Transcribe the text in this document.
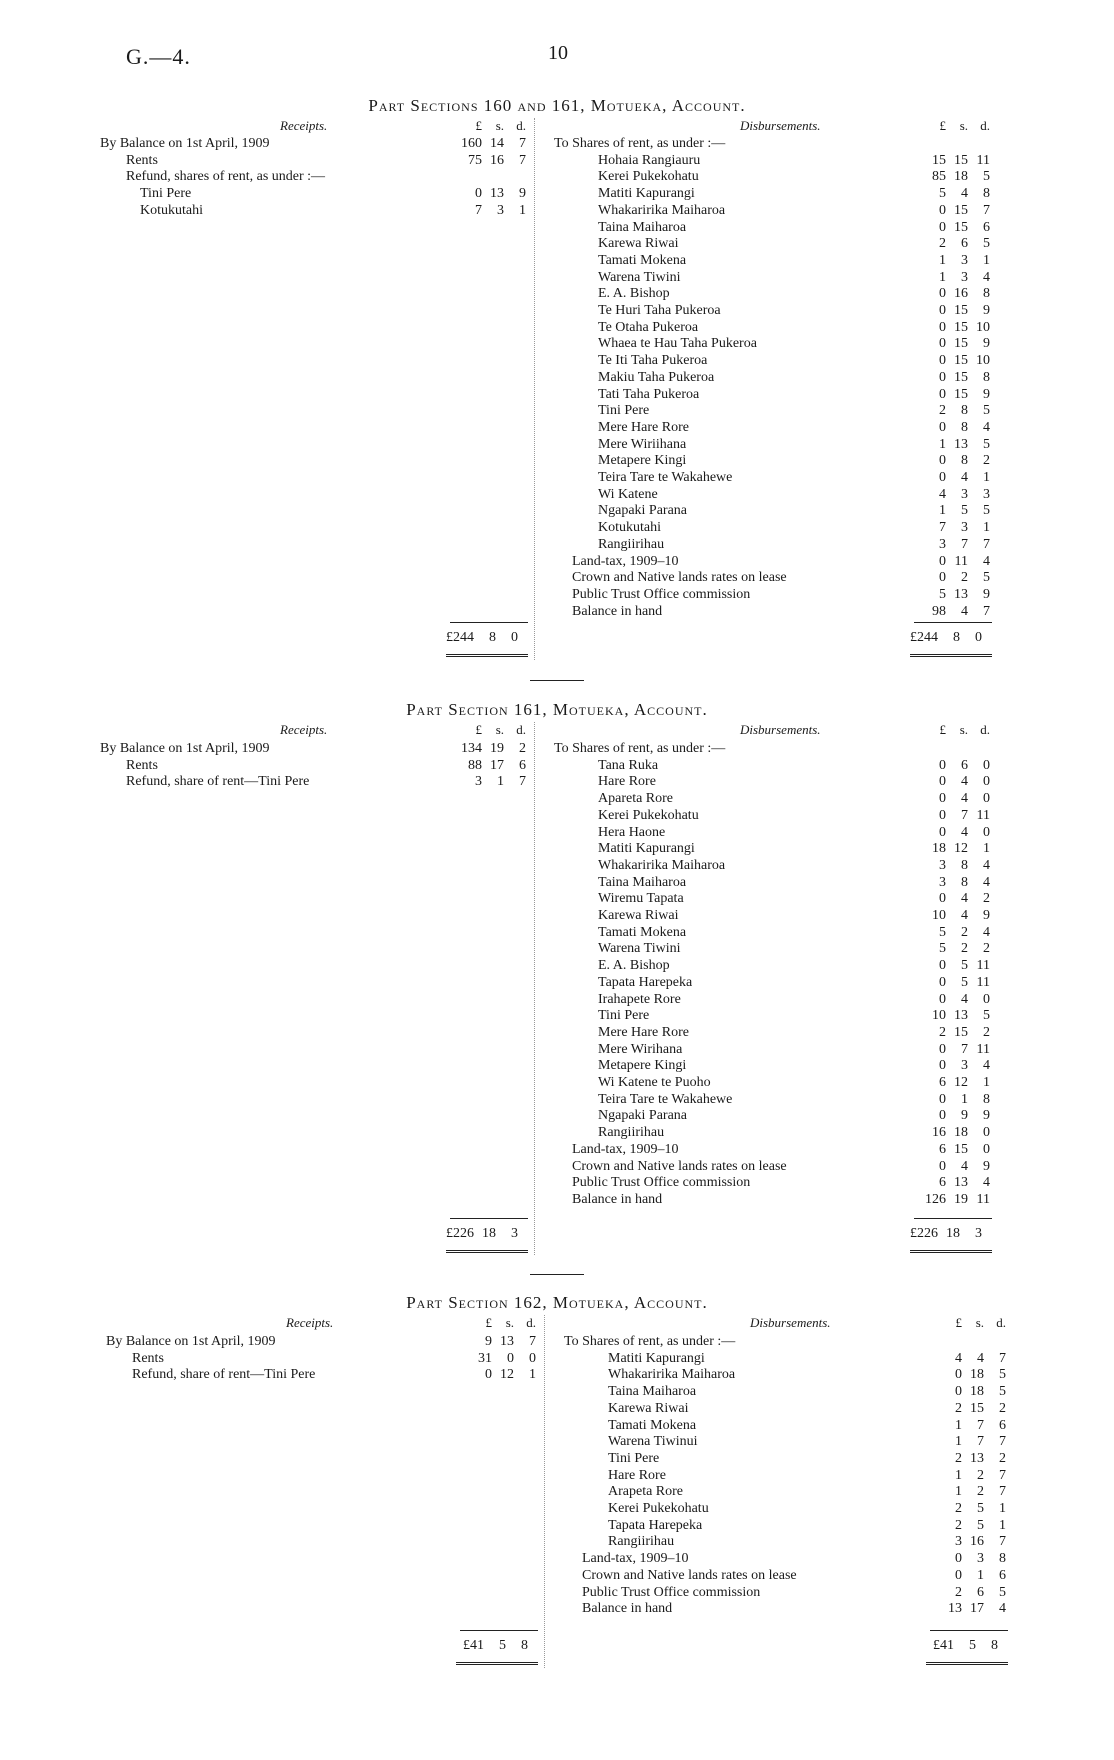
G.—4.	10
Part Sections 160 and 161, Motueka, Account.
Receipts.	Disbursements.
£ s. d.	£ s. d.
By Balance on 1st April, 1909	160 14 7
Rents	75 16 7
Refund, shares of rent, as under :—
Tini Pere	0 13 9
Kotukutahi	7 3 1
To Shares of rent, as under :—
Hohaia Rangiauru	15 15 11
Kerei Pukekohatu	85 18 5
Matiti Kapurangi	5 4 8
Whakaririka Maiharoa	0 15 7
Taina Maiharoa	0 15 6
Karewa Riwai	2 6 5
Tamati Mokena	1 3 1
Warena Tiwini	1 3 4
E. A. Bishop	0 16 8
Te Huri Taha Pukeroa	0 15 9
Te Otaha Pukeroa	0 15 10
Whaea te Hau Taha Pukeroa	0 15 9
Te Iti Taha Pukeroa	0 15 10
Makiu Taha Pukeroa	0 15 8
Tati Taha Pukeroa	0 15 9
Tini Pere	2 8 5
Mere Hare Rore	0 8 4
Mere Wiriihana	1 13 5
Metapere Kingi	0 8 2
Teira Tare te Wakahewe	0 4 1
Wi Katene	4 3 3
Ngapaki Parana	1 5 5
Kotukutahi	7 3 1
Rangiirihau	3 7 7
Land-tax, 1909–10	0 11 4
Crown and Native lands rates on lease	0 2 5
Public Trust Office commission	5 13 9
Balance in hand	98 4 7
£244 8 0	£244 8 0
Part Section 161, Motueka, Account.
Receipts.	Disbursements.
£ s. d.	£ s. d.
By Balance on 1st April, 1909	134 19 2
Rents	88 17 6
Refund, share of rent—Tini Pere	3 1 7
To Shares of rent, as under :—
Tana Ruka	0 6 0
Hare Rore	0 4 0
Apareta Rore	0 4 0
Kerei Pukekohatu	0 7 11
Hera Haone	0 4 0
Matiti Kapurangi	18 12 1
Whakaririka Maiharoa	3 8 4
Taina Maiharoa	3 8 4
Wiremu Tapata	0 4 2
Karewa Riwai	10 4 9
Tamati Mokena	5 2 4
Warena Tiwini	5 2 2
E. A. Bishop	0 5 11
Tapata Harepeka	0 5 11
Irahapete Rore	0 4 0
Tini Pere	10 13 5
Mere Hare Rore	2 15 2
Mere Wirihana	0 7 11
Metapere Kingi	0 3 4
Wi Katene te Puoho	6 12 1
Teira Tare te Wakahewe	0 1 8
Ngapaki Parana	0 9 9
Rangiirihau	16 18 0
Land-tax, 1909–10	6 15 0
Crown and Native lands rates on lease	0 4 9
Public Trust Office commission	6 13 4
Balance in hand	126 19 11
£226 18 3	£226 18 3
Part Section 162, Motueka, Account.
Receipts.	Disbursements.
£ s. d.	£ s. d.
By Balance on 1st April, 1909	9 13 7
Rents	31 0 0
Refund, share of rent—Tini Pere	0 12 1
To Shares of rent, as under :—
Matiti Kapurangi	4 4 7
Whakaririka Maiharoa	0 18 5
Taina Maiharoa	0 18 5
Karewa Riwai	2 15 2
Tamati Mokena	1 7 6
Warena Tiwinui	1 7 7
Tini Pere	2 13 2
Hare Rore	1 2 7
Arapeta Rore	1 2 7
Kerei Pukekohatu	2 5 1
Tapata Harepeka	2 5 1
Rangiirihau	3 16 7
Land-tax, 1909–10	0 3 8
Crown and Native lands rates on lease	0 1 6
Public Trust Office commission	2 6 5
Balance in hand	13 17 4
£41 5 8	£41 5 8
